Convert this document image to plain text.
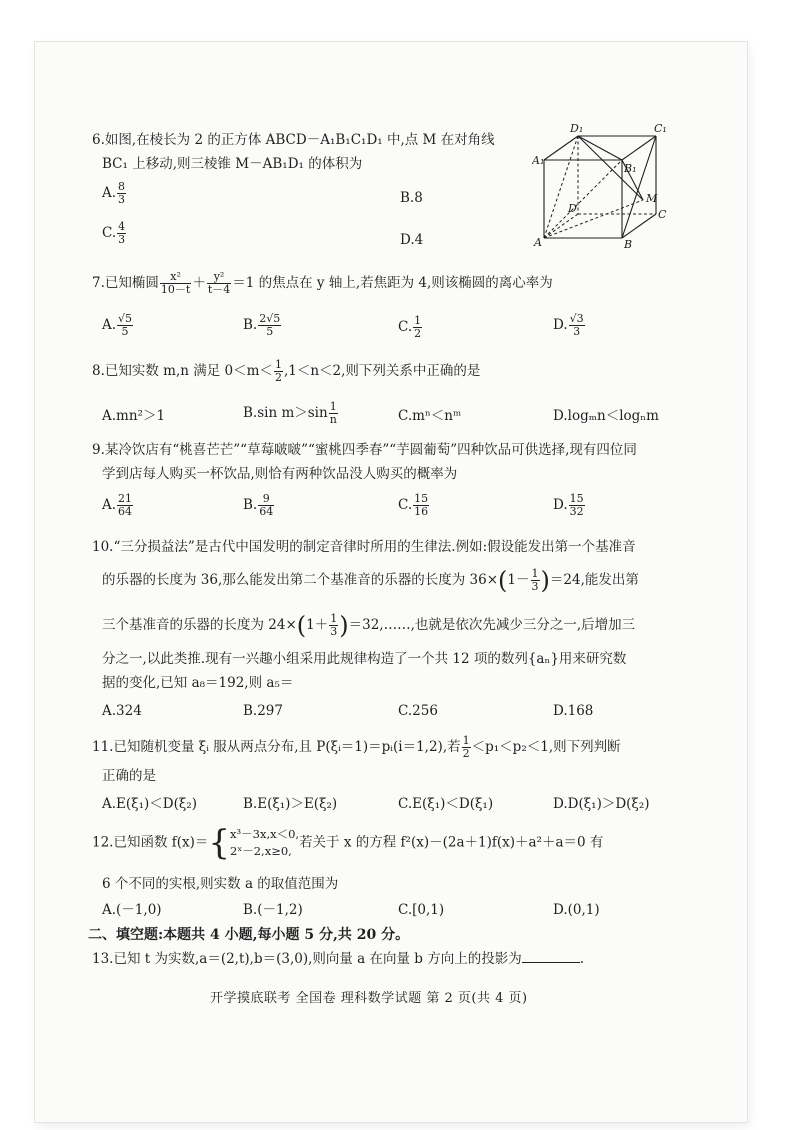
6.如图,在棱长为 2 的正方体 ABCD－A₁B₁C₁D₁ 中,点 M 在对角线
BC₁ 上移动,则三棱锥 M－AB₁D₁ 的体积为
A. $\frac{8}{3}$	B.8
C. $\frac{4}{3}$	D.4
D₁	C₁
A₁
B₁
D	C
M
A	B
7.已知椭圆 $\frac{\text{x²}}{10-t} + \frac{\text{y²}}{t-4} =1$ 的焦点在 y 轴上,若焦距为 4,则该椭圆的离心率为
A. $\frac{√5}{5}$	B. $\frac{2√5}{5}$	C. $\frac{1}{2}$	D. $\frac{√3}{3}$
8.已知实数 m,n 满足 $0<m< \frac{1}{2} ,1<n<2$,则下列关系中正确的是
A.mn²＞1	B.sin $m>\sin \frac{1}{n}$	C.mⁿ＜nᵐ	D.logₘn＜logₙm
9.某冷饮店有“桃喜芒芒”“草莓啵啵”“蜜桃四季春”“芋圆葡萄”四种饮品可供选择,现有四位同
学到店每人购买一杯饮品,则恰有两种饮品没人购买的概率为
A. $\frac{21}{64}$	B. $\frac{9}{64}$	C. $\frac{15}{16}$	D. $\frac{15}{32}$
10.“三分损益法”是古代中国发明的制定音律时所用的生律法.例如:假设能发出第一个基准音
的乐器的长度为 36,那么能发出第二个基准音的乐器的长度为 $36\times(1- \frac{1}{3} )=24$,能发出第
三个基准音的乐器的长度为 $24\times(1+ \frac{1}{3}$ )＝32,……,也就是依次先减少三分之一,后增加三
分之一,以此类推.现有一兴趣小组采用此规律构造了一个共 12 项的数列{aₙ}用来研究数
据的变化,已知 a₈＝192,则 a₅＝
A.324	B.297	C.256	D.168
11.已知随机变量 ξᵢ 服从两点分布,且 P(ξᵢ＝1)＝pᵢ(i＝1,2),若 $\frac{1}{2} <p_1<p_2<1$,则下列判断
正确的是
A.E(ξ₁)＜D(ξ₂)	B.E(ξ₁)＞E(ξ₂)	C.E(ξ₁)＜D(ξ₁)	D.D(ξ₁)＞D(ξ₂)
12.已知函数 f(x)＝{ x³－3x,x＜0,
2ˣ－2,x≥0,
若关于 x 的方程 f²(x)－(2a＋1)f(x)＋a²＋a＝0 有
6 个不同的实根,则实数 a 的取值范围为
A.(－1,0)	B.(－1,2)	C.[0,1)	D.(0,1)
二、填空题:本题共 4 小题,每小题 5 分,共 20 分。
13.已知 t 为实数,a＝(2,t),b＝(3,0),则向量 a 在向量 b 方向上的投影为	.
开学摸底联考 全国卷 理科数学试题 第 2 页(共 4 页)
